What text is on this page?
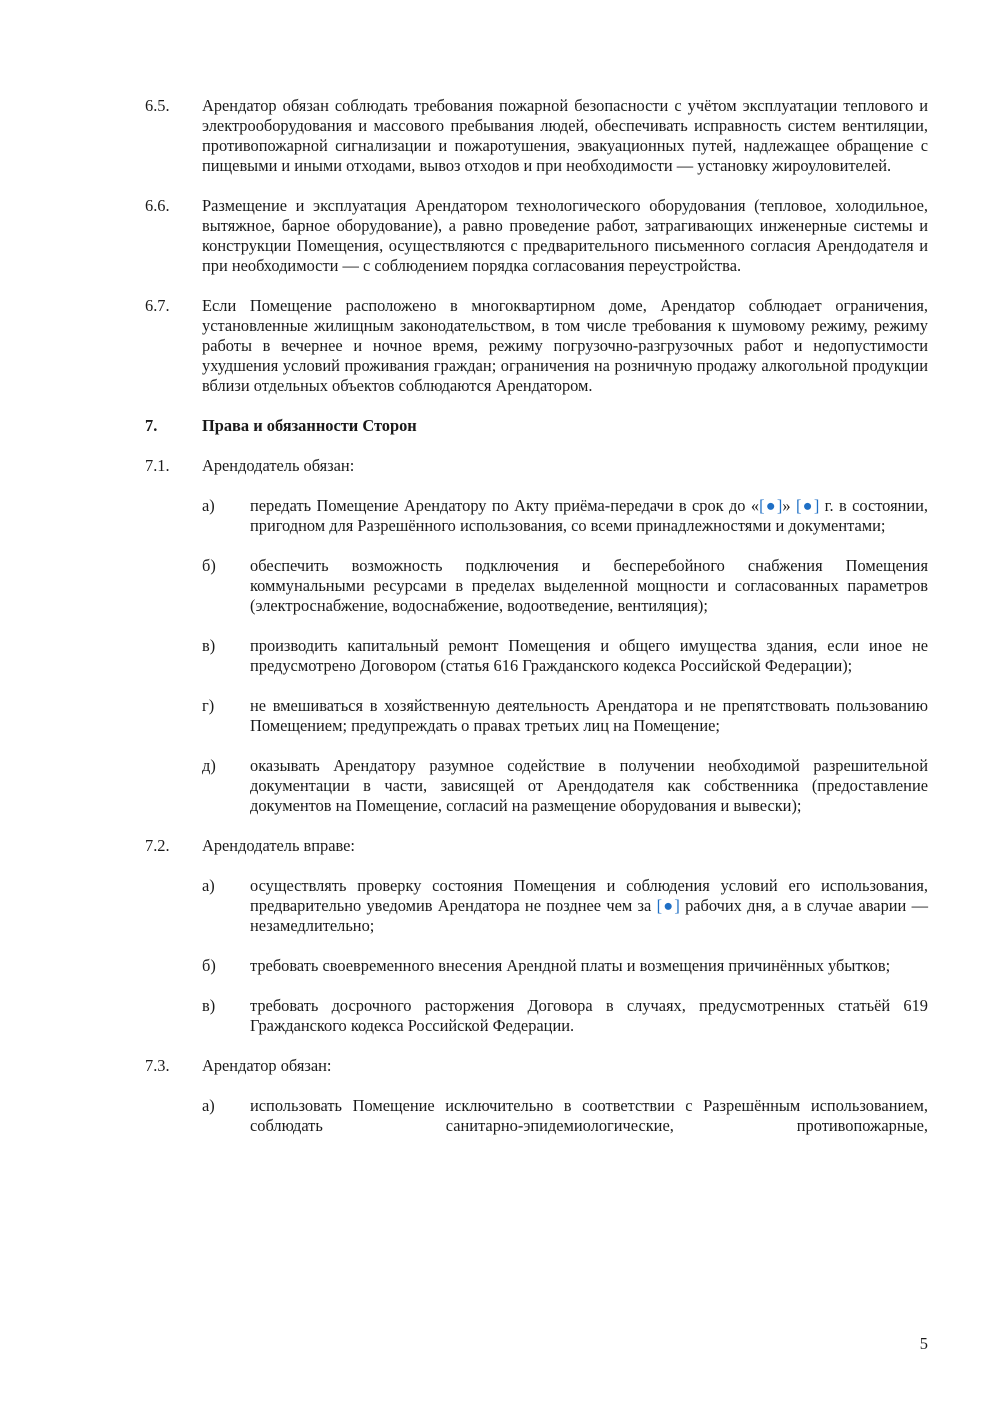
6.5.	Арендатор обязан соблюдать требования пожарной безопасности с учётом эксплуатации теплового и электрооборудования и массового пребывания людей, обеспечивать исправность систем вентиляции, противопожарной сигнализации и пожаротушения, эвакуационных путей, надлежащее обращение с пищевыми и иными отходами, вывоз отходов и при необходимости — установку жироуловителей.
6.6.	Размещение и эксплуатация Арендатором технологического оборудования (тепловое, холодильное, вытяжное, барное оборудование), а равно проведение работ, затрагивающих инженерные системы и конструкции Помещения, осуществляются с предварительного письменного согласия Арендодателя и при необходимости — с соблюдением порядка согласования переустройства.
6.7.	Если Помещение расположено в многоквартирном доме, Арендатор соблюдает ограничения, установленные жилищным законодательством, в том числе требования к шумовому режиму, режиму работы в вечернее и ночное время, режиму погрузочно-разгрузочных работ и недопустимости ухудшения условий проживания граждан; ограничения на розничную продажу алкогольной продукции вблизи отдельных объектов соблюдаются Арендатором.
7.	Права и обязанности Сторон
7.1.	Арендодатель обязан:
а)	передать Помещение Арендатору по Акту приёма-передачи в срок до «[●]» [●] г. в состоянии, пригодном для Разрешённого использования, со всеми принадлежностями и документами;
б)	обеспечить возможность подключения и бесперебойного снабжения Помещения коммунальными ресурсами в пределах выделенной мощности и согласованных параметров (электроснабжение, водоснабжение, водоотведение, вентиляция);
в)	производить капитальный ремонт Помещения и общего имущества здания, если иное не предусмотрено Договором (статья 616 Гражданского кодекса Российской Федерации);
г)	не вмешиваться в хозяйственную деятельность Арендатора и не препятствовать пользованию Помещением; предупреждать о правах третьих лиц на Помещение;
д)	оказывать Арендатору разумное содействие в получении необходимой разрешительной документации в части, зависящей от Арендодателя как собственника (предоставление документов на Помещение, согласий на размещение оборудования и вывески);
7.2.	Арендодатель вправе:
а)	осуществлять проверку состояния Помещения и соблюдения условий его использования, предварительно уведомив Арендатора не позднее чем за [●] рабочих дня, а в случае аварии — незамедлительно;
б)	требовать своевременного внесения Арендной платы и возмещения причинённых убытков;
в)	требовать досрочного расторжения Договора в случаях, предусмотренных статьёй 619 Гражданского кодекса Российской Федерации.
7.3.	Арендатор обязан:
а)	использовать Помещение исключительно в соответствии с Разрешённым использованием, соблюдать санитарно-эпидемиологические, противопожарные,
5
